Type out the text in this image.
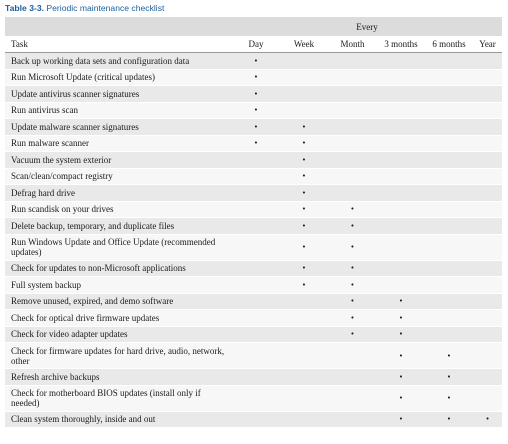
Table 3-3. Periodic maintenance checklist
	Every					
Task	Day	Week	Month	3 months	6 months	Year
Back up working data sets and configuration data	•					
Run Microsoft Update (critical updates)	•					
Update antivirus scanner signatures	•					
Run antivirus scan	•					
Update malware scanner signatures	•	•				
Run malware scanner	•	•				
Vacuum the system exterior		•				
Scan/clean/compact registry		•				
Defrag hard drive		•				
Run scandisk on your drives		•	•			
Delete backup, temporary, and duplicate files		•	•			
Run Windows Update and Office Update (recommended updates)		•	•			
Check for updates to non-Microsoft applications		•	•			
Full system backup		•	•			
Remove unused, expired, and demo software			•	•		
Check for optical drive firmware updates			•	•		
Check for video adapter updates			•	•		
Check for firmware updates for hard drive, audio, network, other				•	•	
Refresh archive backups				•	•	
Check for motherboard BIOS updates (install only if needed)				•	•	
Clean system thoroughly, inside and out				•	•	•
